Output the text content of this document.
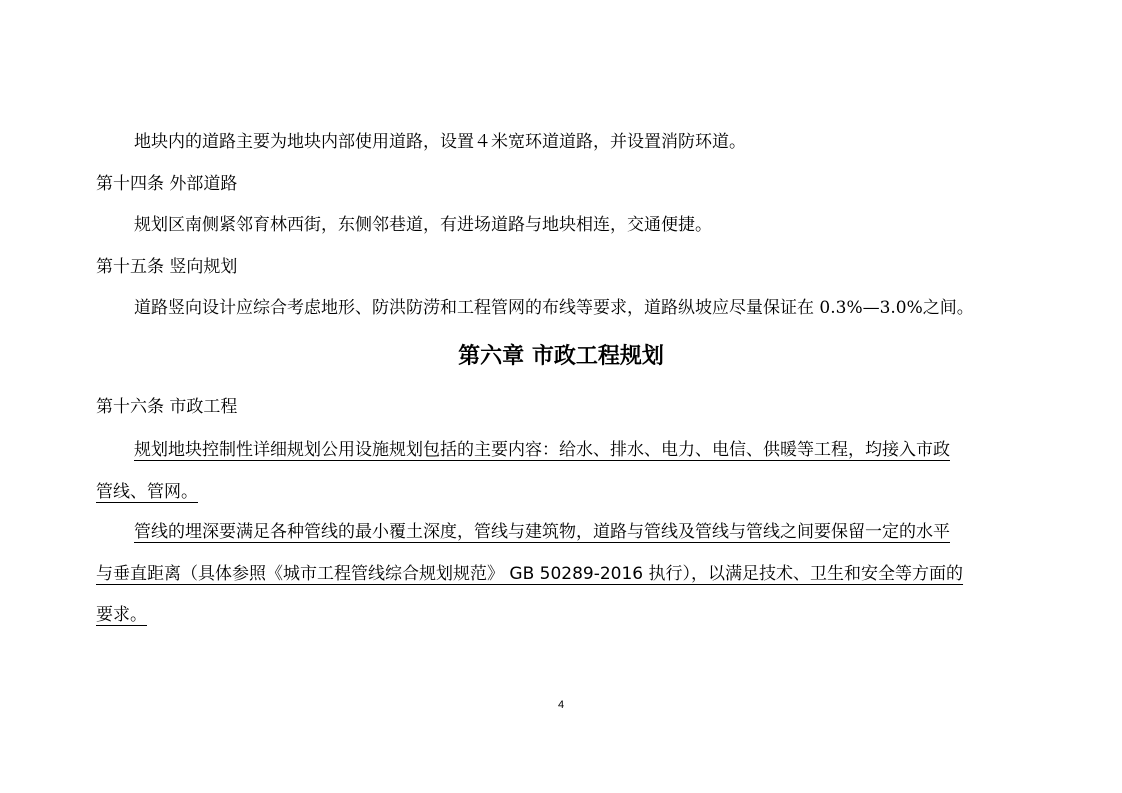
地块内的道路主要为地块内部使用道路，设置４米宽环道道路，并设置消防环道。
第十四条 外部道路
规划区南侧紧邻育林西街，东侧邻巷道，有进场道路与地块相连，交通便捷。
第十五条 竖向规划
道路竖向设计应综合考虑地形、防洪防涝和工程管网的布线等要求，道路纵坡应尽量保证在 0.3%—3.0%之间。
第六章 市政工程规划
第十六条 市政工程
规划地块控制性详细规划公用设施规划包括的主要内容：给水、排水、电力、电信、供暖等工程，均接入市政
管线、管网。
管线的埋深要满足各种管线的最小覆土深度，管线与建筑物，道路与管线及管线与管线之间要保留一定的水平
与垂直距离（具体参照《城市工程管线综合规划规范》 GB 50289-2016 执行），以满足技术、卫生和安全等方面的
要求。
4
